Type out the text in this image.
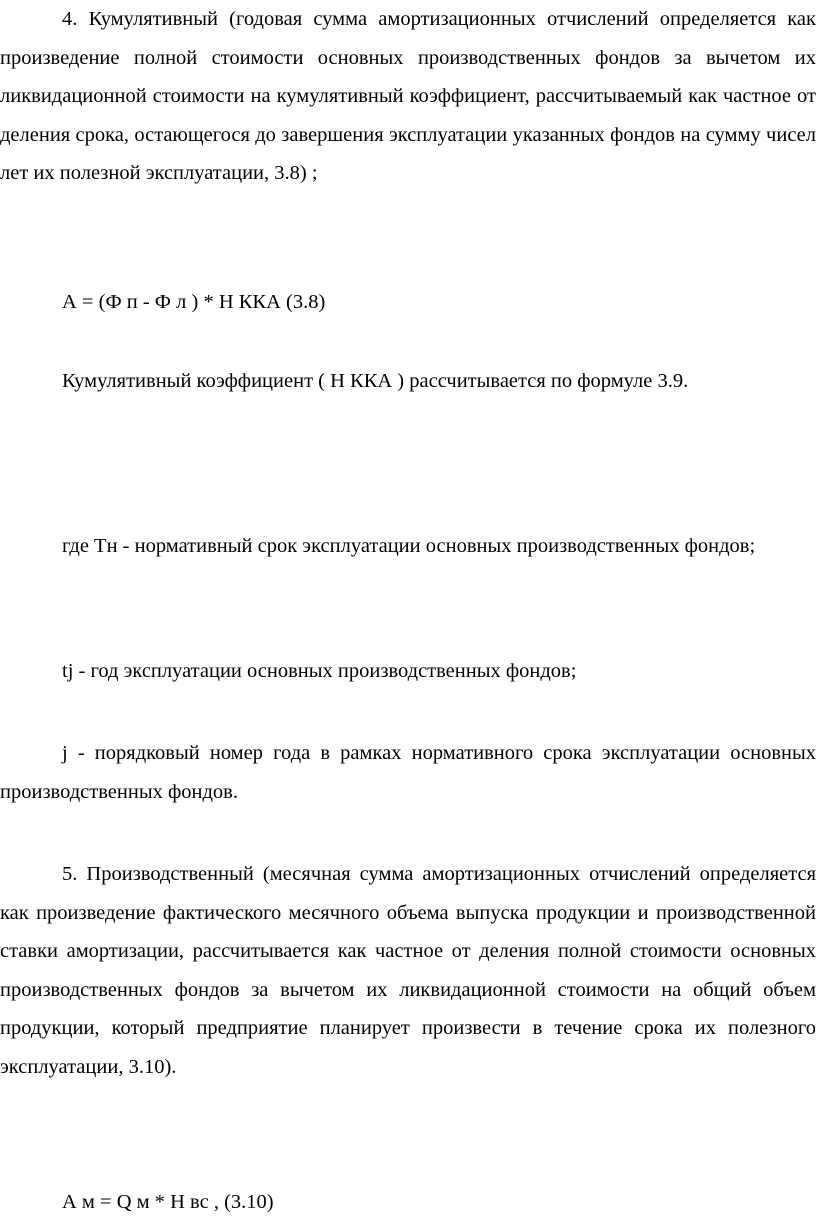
4. Кумулятивный (годовая сумма амортизационных отчислений определяется как произведение полной стоимости основных производственных фондов за вычетом их ликвидационной стоимости на кумулятивный коэффициент, рассчитываемый как частное от деления срока, остающегося до завершения эксплуатации указанных фондов на сумму чисел лет их полезной эксплуатации, 3.8) ;

А = (Ф п - Ф л ) * Н ККА (3.8)

Кумулятивный коэффициент ( Н ККА ) рассчитывается по формуле 3.9.

где Тн - нормативный срок эксплуатации основных производственных фондов;

tj - год эксплуатации основных производственных фондов;

j - порядковый номер года в рамках нормативного срока эксплуатации основных производственных фондов.

5. Производственный (месячная сумма амортизационных отчислений определяется как произведение фактического месячного объема выпуска продукции и производственной ставки амортизации, рассчитывается как частное от деления полной стоимости основных производственных фондов за вычетом их ликвидационной стоимости на общий объем продукции, который предприятие планирует произвести в течение срока их полезного эксплуатации, 3.10).

А м = Q м * Н вс , (3.10)
